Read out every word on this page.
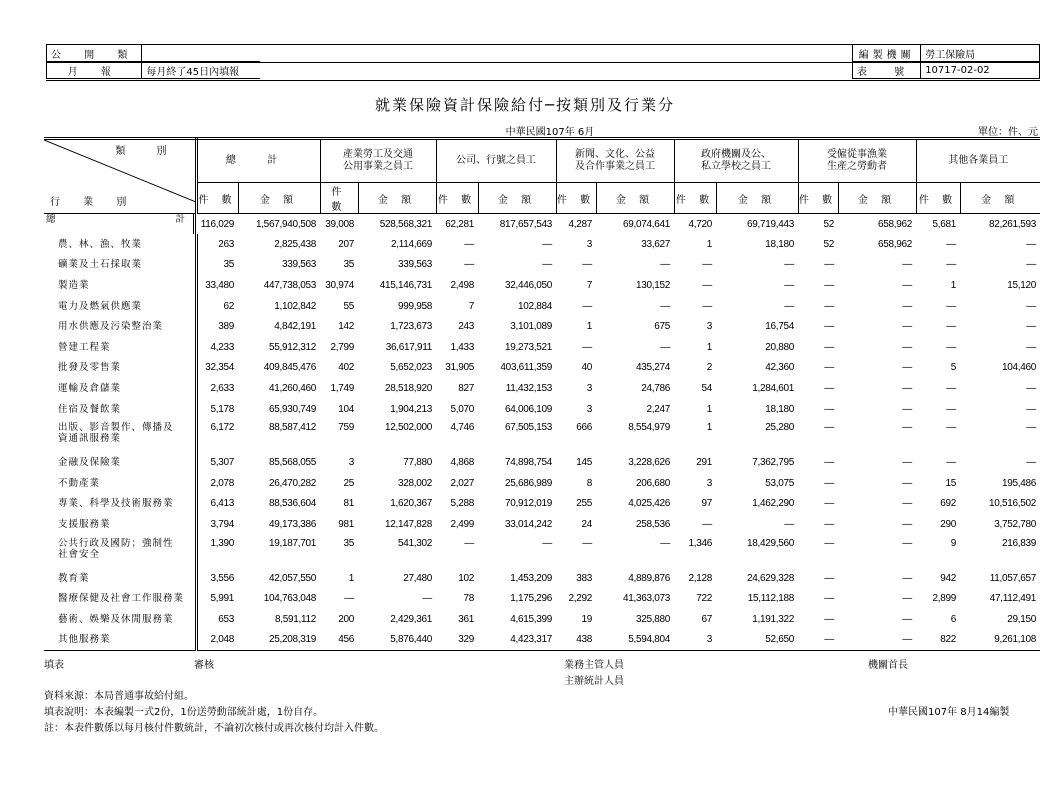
公 開 類	
月 報	每月終了45日內填報
編製機關	勞工保險局
表 號	10717-02-02
就業保險資計保險給付─按類別及行業分
中華民國107年 6月	單位：件、元
類 別
行 業 別	總 計		產業勞工及交通
公用事業之員工		公司、行號之員工		新聞、文化、公益
及合作事業之員工		政府機關及公、
私立學校之員工		受僱從事漁業
生產之勞動者		其他各業員工	
	件 數	金 額	件 數	金 額	件 數	金 額	件 數	金 額	件 數	金 額	件 數	金 額	件 數	金 額

總	計 116,029	1,567,940,508	39,008	528,568,321	62,281	817,657,543	4,287	69,074,641	4,720	69,719,443	52	658,962	5,681	82,261,593
農、林、漁、牧業	263	2,825,438	207	2,114,669	—	—	3	33,627	1	18,180	52	658,962	—	—
礦業及土石採取業	35	339,563	35	339,563	—	—	—	—	—	—	—	—	—	—
製造業	33,480	447,738,053	30,974	415,146,731	2,498	32,446,050	7	130,152	—	—	—	—	1	15,120
電力及燃氣供應業	62	1,102,842	55	999,958	7	102,884	—	—	—	—	—	—	—	—
用水供應及污染整治業	389	4,842,191	142	1,723,673	243	3,101,089	1	675	3	16,754	—	—	—	—
營建工程業	4,233	55,912,312	2,799	36,617,911	1,433	19,273,521	—	—	1	20,880	—	—	—	—
批發及零售業	32,354	409,845,476	402	5,652,023	31,905	403,611,359	40	435,274	2	42,360	—	—	5	104,460
運輸及倉儲業	2,633	41,260,460	1,749	28,518,920	827	11,432,153	3	24,786	54	1,284,601	—	—	—	—
住宿及餐飲業	5,178	65,930,749	104	1,904,213	5,070	64,006,109	3	2,247	1	18,180	—	—	—	—
出版、影音製作、傳播及
資通訊服務業	6,172	88,587,412	759	12,502,000	4,746	67,505,153	666	8,554,979	1	25,280	—	—	—	—
金融及保險業	5,307	85,568,055	3	77,880	4,868	74,898,754	145	3,228,626	291	7,362,795	—	—	—	—
不動產業	2,078	26,470,282	25	328,002	2,027	25,686,989	8	206,680	3	53,075	—	—	15	195,486
專業、科學及技術服務業	6,413	88,536,604	81	1,620,367	5,288	70,912,019	255	4,025,426	97	1,462,290	—	—	692	10,516,502
支援服務業	3,794	49,173,386	981	12,147,828	2,499	33,014,242	24	258,536	—	—	—	—	290	3,752,780
公共行政及國防；強制性
社會安全	1,390	19,187,701	35	541,302	—	—	—	—	1,346	18,429,560	—	—	9	216,839
教育業	3,556	42,057,550	1	27,480	102	1,453,209	383	4,889,876	2,128	24,629,328	—	—	942	11,057,657
醫療保健及社會工作服務業	5,991	104,763,048	—	—	78	1,175,296	2,292	41,363,073	722	15,112,188	—	—	2,899	47,112,491
藝術、娛樂及休閒服務業	653	8,591,112	200	2,429,361	361	4,615,399	19	325,880	67	1,191,322	—	—	6	29,150
其他服務業	2,048	25,208,319	456	5,876,440	329	4,423,317	438	5,594,804	3	52,650	—	—	822	9,261,108
填表	審核	業務主管人員
主辦統計人員
機關首長
資料來源：本局普通事故給付組。
填表說明：本表編製一式2份，1份送勞動部統計處，1份自存。
註：本表件數係以每月核付件數統計，不論初次核付或再次核付均計入件數。
中華民國107年 8月14編製
